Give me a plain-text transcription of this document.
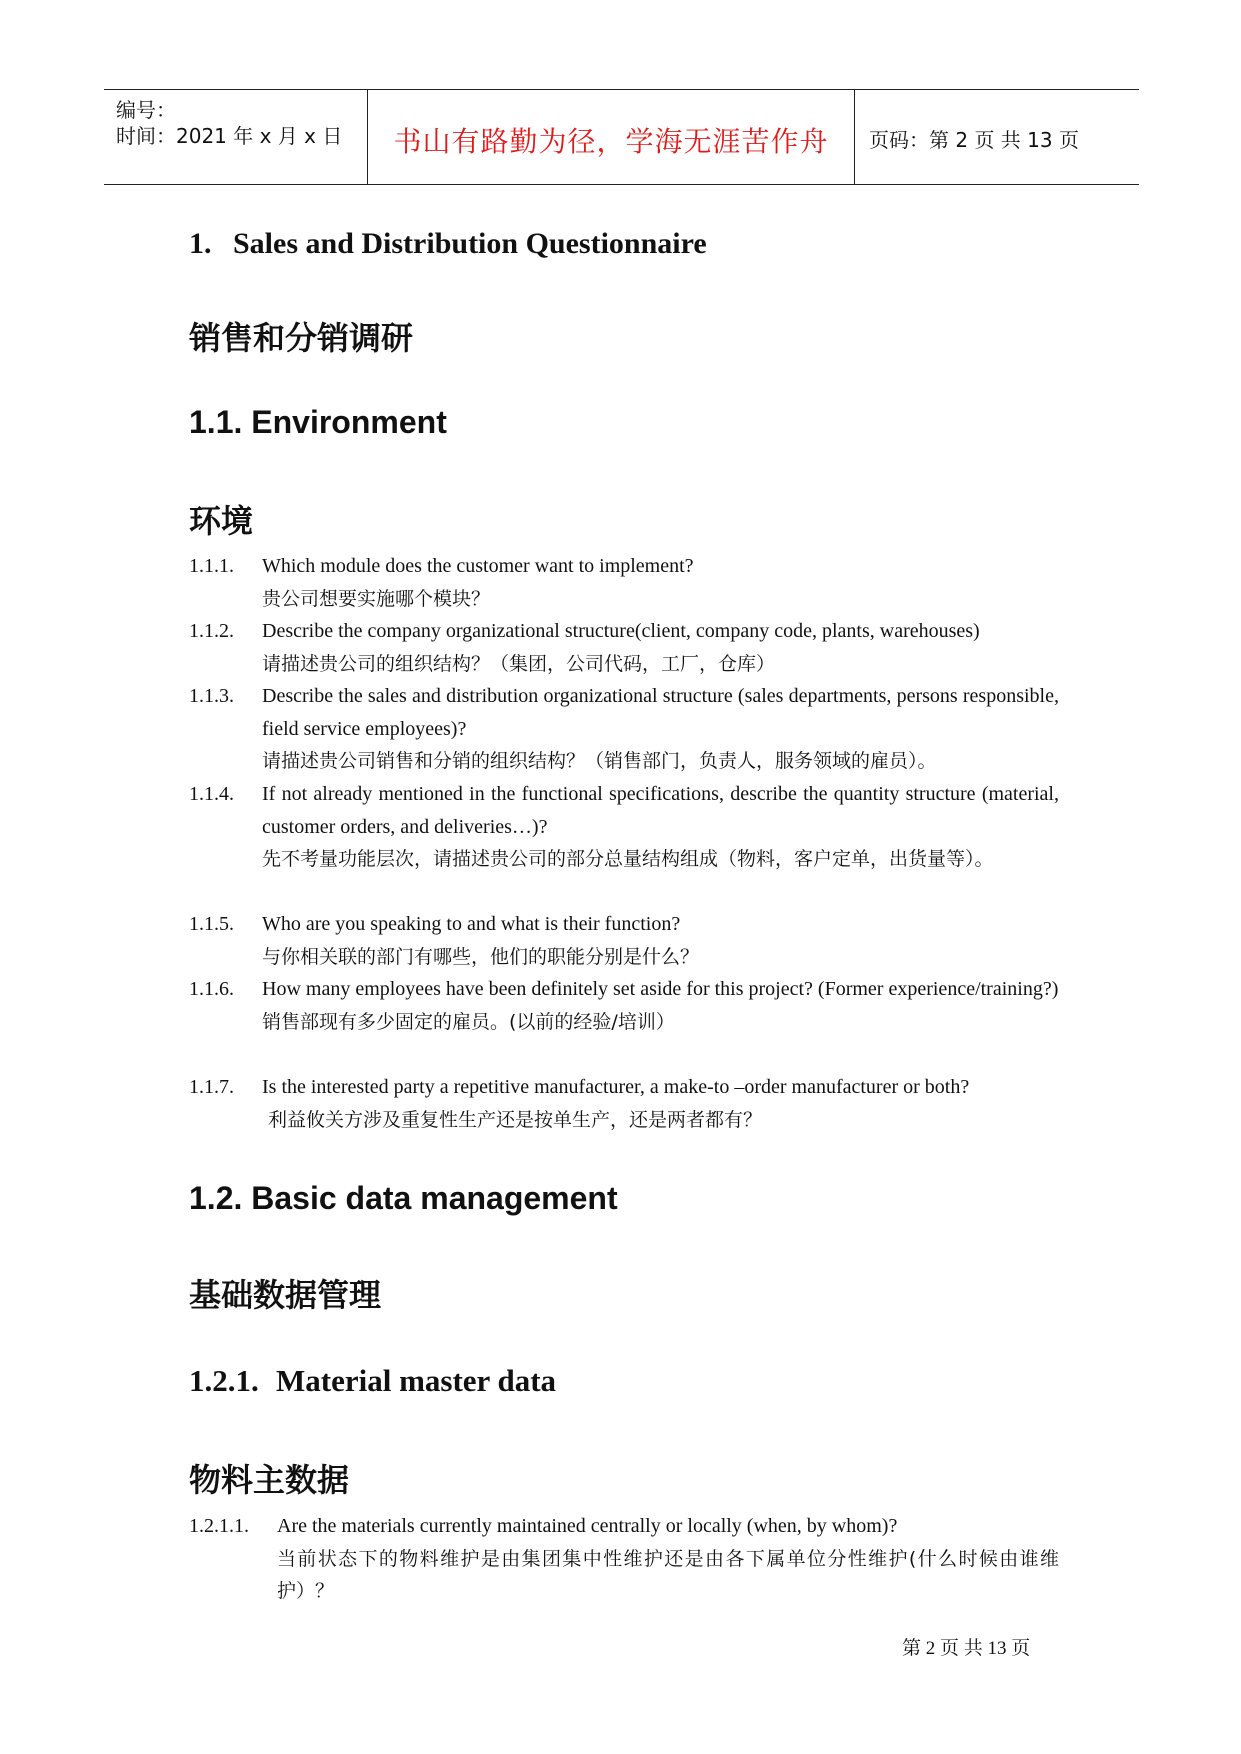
编号：
时间：2021 年 x 月 x 日	书山有路勤为径，学海无涯苦作舟	页码：第 2 页 共 13 页
1. Sales and Distribution Questionnaire
销售和分销调研
1.1. Environment
环境
1.1.1. Which module does the customer want to implement?
贵公司想要实施哪个模块？
1.1.2. Describe the company organizational structure(client, company code, plants, warehouses)
请描述贵公司的组织结构？（集团，公司代码，工厂，仓库）
1.1.3. Describe the sales and distribution organizational structure (sales departments, persons responsible, field service employees)?
请描述贵公司销售和分销的组织结构？（销售部门，负责人，服务领域的雇员）。
1.1.4. If not already mentioned in the functional specifications, describe the quantity structure (material, customer orders, and deliveries…)?
先不考量功能层次，请描述贵公司的部分总量结构组成（物料，客户定单，出货量等）。
1.1.5. Who are you speaking to and what is their function?
与你相关联的部门有哪些，他们的职能分别是什么？
1.1.6. How many employees have been definitely set aside for this project? (Former experience/training?)
销售部现有多少固定的雇员。(以前的经验/培训）
1.1.7. Is the interested party a repetitive manufacturer, a make-to –order manufacturer or both?
利益攸关方涉及重复性生产还是按单生产，还是两者都有？
1.2. Basic data management
基础数据管理
1.2.1. Material master data
物料主数据
1.2.1.1. Are the materials currently maintained centrally or locally (when, by whom)?
当前状态下的物料维护是由集团集中性维护还是由各下属单位分性维护(什么时候由谁维护）？
第 2 页 共 13 页
